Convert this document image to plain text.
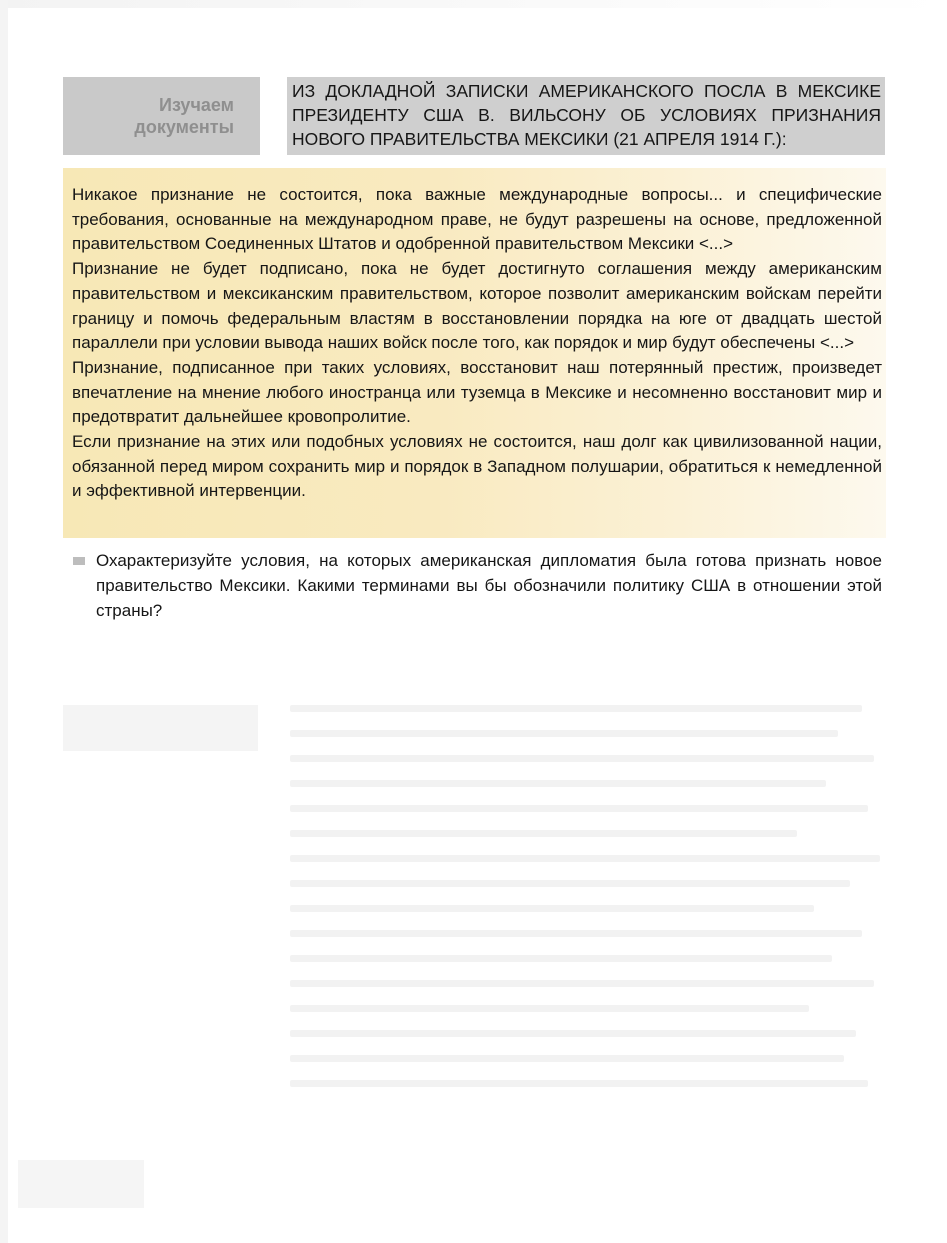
Изучаем
документы
ИЗ ДОКЛАДНОЙ ЗАПИСКИ АМЕРИКАНСКОГО ПОСЛА В МЕКСИКЕ ПРЕЗИДЕНТУ США В. ВИЛЬСОНУ ОБ УСЛОВИЯХ ПРИЗНАНИЯ НОВОГО ПРАВИТЕЛЬСТВА МЕКСИКИ (21 АПРЕЛЯ 1914 Г.):

Никакое признание не состоится, пока важные международные вопросы... и специфические требования, основанные на международном праве, не будут разрешены на основе, предложенной правительством Соединенных Штатов и одобренной правительством Мексики <...>

Признание не будет подписано, пока не будет достигнуто соглашения между американским правительством и мексиканским правительством, которое позволит американским войскам перейти границу и помочь федеральным властям в восстановлении порядка на юге от двадцать шестой параллели при условии вывода наших войск после того, как порядок и мир будут обеспечены <...>

Признание, подписанное при таких условиях, восстановит наш потерянный престиж, произведет впечатление на мнение любого иностранца или туземца в Мексике и несомненно восстановит мир и предотвратит дальнейшее кровопролитие.

Если признание на этих или подобных условиях не состоится, наш долг как цивилизованной нации, обязанной перед миром сохранить мир и порядок в Западном полушарии, обратиться к немедленной и эффективной интервенции.

Охарактеризуйте условия, на которых американская дипломатия была готова признать новое правительство Мексики. Какими терминами вы бы обозначили политику США в отношении этой страны?
